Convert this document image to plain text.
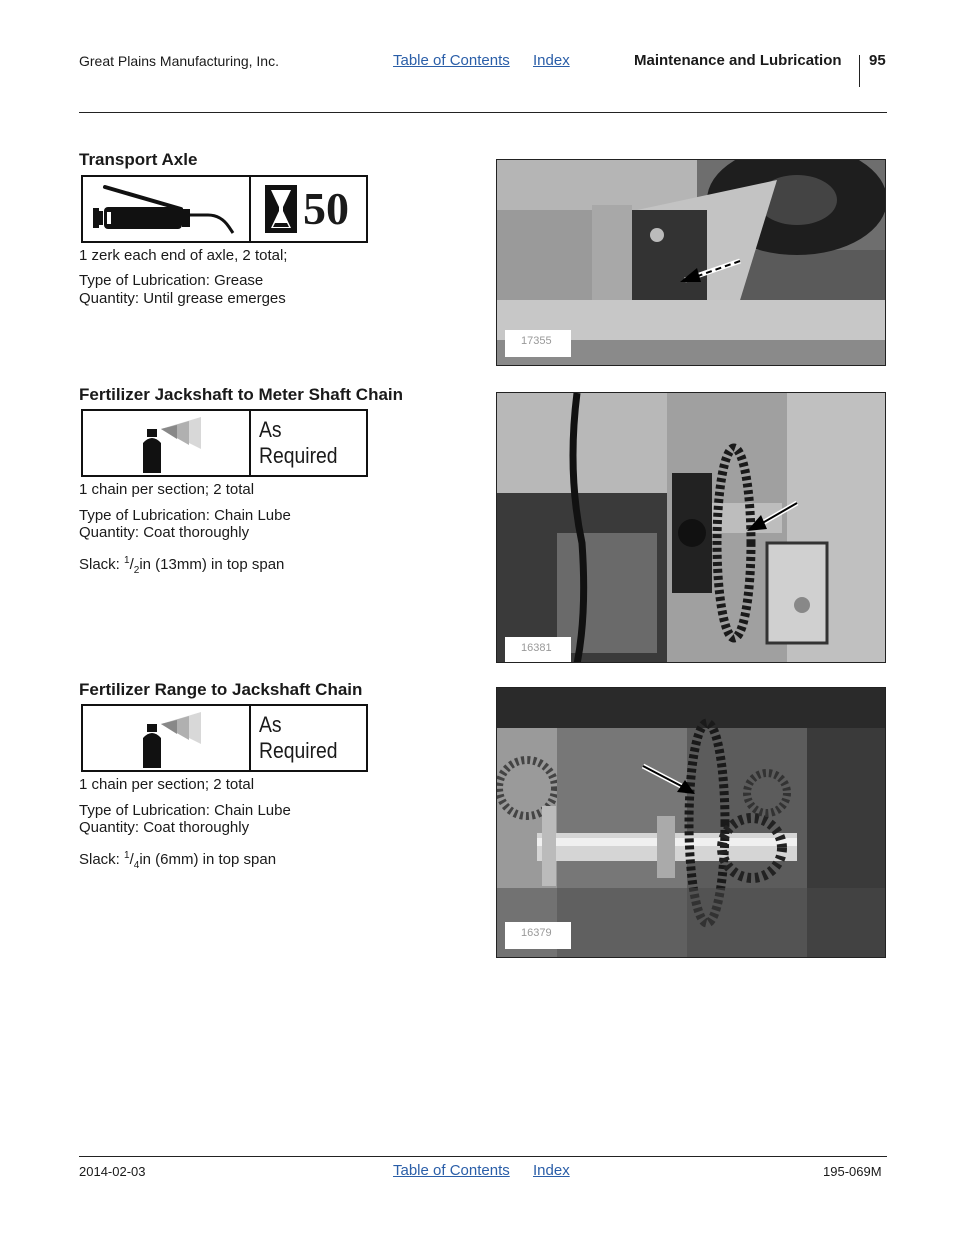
Great Plains Manufacturing, Inc.	Table of Contents Index	Maintenance and Lubrication 95
Transport Axle
50
1 zerk each end of axle, 2 total;
Type of Lubrication: Grease
Quantity: Until grease emerges
17355
Fertilizer Jackshaft to Meter Shaft Chain
As Required
1 chain per section; 2 total
Type of Lubrication: Chain Lube
Quantity: Coat thoroughly
Slack: $^1/_2in$ (13mm) in top span
16381
Fertilizer Range to Jackshaft Chain
As Required
1 chain per section; 2 total
Type of Lubrication: Chain Lube
Quantity: Coat thoroughly
Slack: $^1/_4in$ (6mm) in top span
16379
2014-02-03	Table of Contents Index	195-069M
